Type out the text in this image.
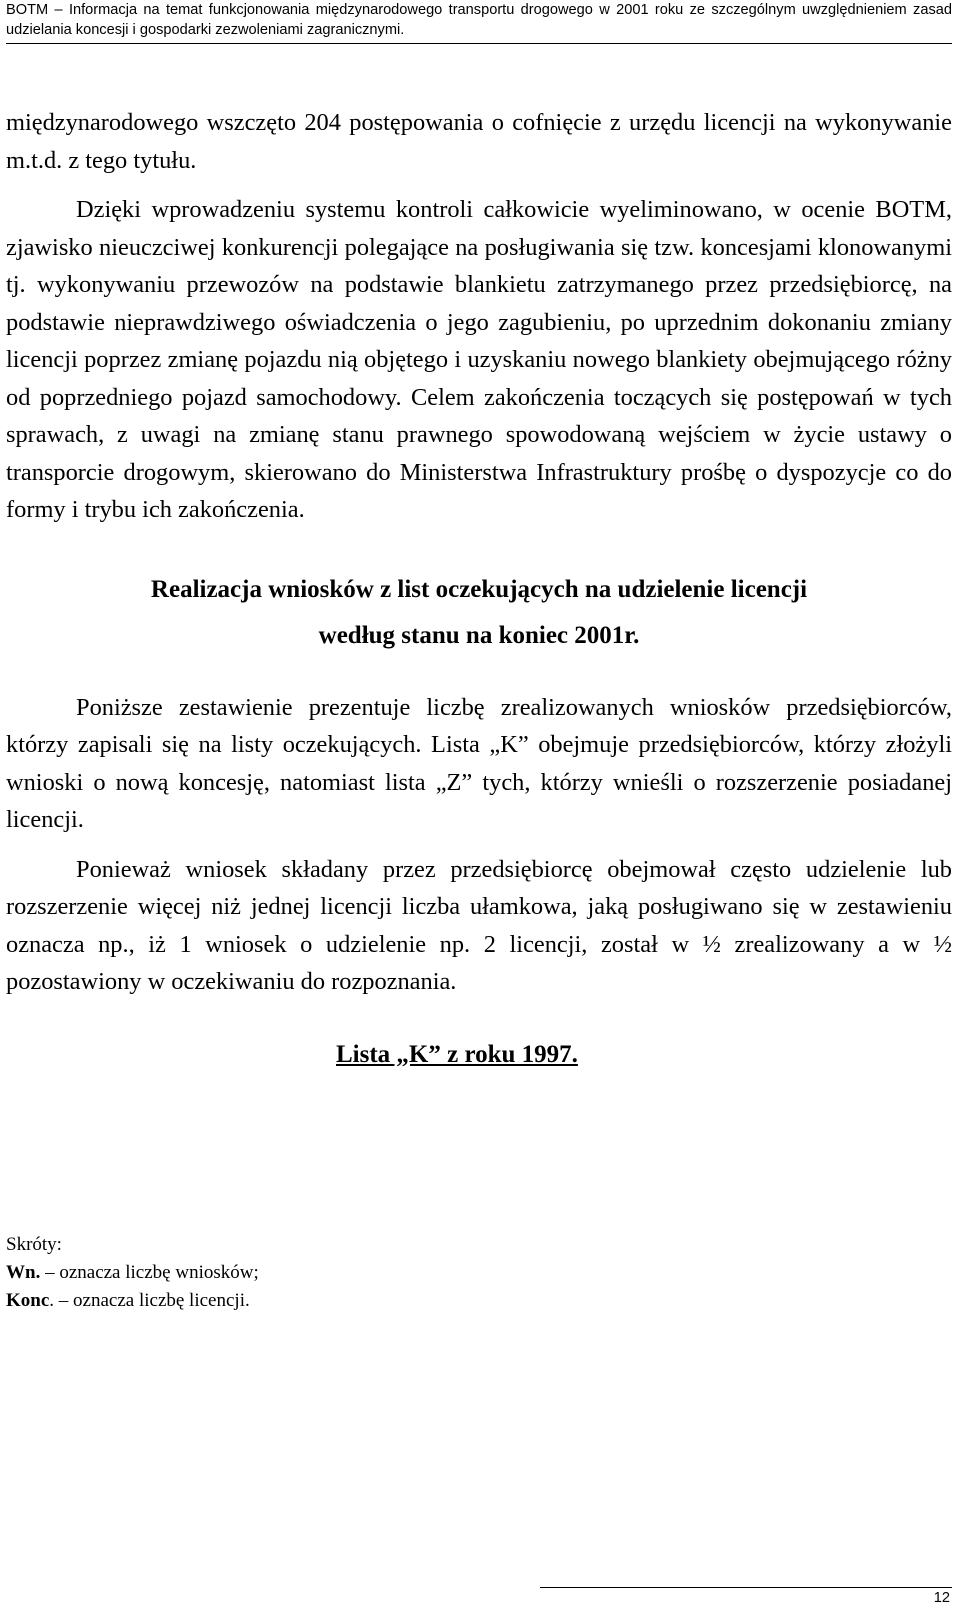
BOTM – Informacja na temat funkcjonowania międzynarodowego transportu drogowego w 2001 roku ze szczególnym uwzględnieniem zasad udzielania koncesji i gospodarki zezwoleniami zagranicznymi.

międzynarodowego wszczęto 204 postępowania o cofnięcie z urzędu licencji na wykonywanie m.t.d. z tego tytułu.

Dzięki wprowadzeniu systemu kontroli całkowicie wyeliminowano, w ocenie BOTM, zjawisko nieuczciwej konkurencji polegające na posługiwania się tzw. koncesjami klonowanymi tj. wykonywaniu przewozów na podstawie blankietu zatrzymanego przez przedsiębiorcę, na podstawie nieprawdziwego oświadczenia o jego zagubieniu, po uprzednim dokonaniu zmiany licencji poprzez zmianę pojazdu nią objętego i uzyskaniu nowego blankiety obejmującego różny od poprzedniego pojazd samochodowy. Celem zakończenia toczących się postępowań w tych sprawach, z uwagi na zmianę stanu prawnego spowodowaną wejściem w życie ustawy o transporcie drogowym, skierowano do Ministerstwa Infrastruktury prośbę o dyspozycje co do formy i trybu ich zakończenia.

Realizacja wniosków z list oczekujących na udzielenie licencji
według stanu na koniec 2001r.

Poniższe zestawienie prezentuje liczbę zrealizowanych wniosków przedsiębiorców, którzy zapisali się na listy oczekujących. Lista „K” obejmuje przedsiębiorców, którzy złożyli wnioski o nową koncesję, natomiast lista „Z” tych, którzy wnieśli o rozszerzenie posiadanej licencji.

Ponieważ wniosek składany przez przedsiębiorcę obejmował często udzielenie lub rozszerzenie więcej niż jednej licencji liczba ułamkowa, jaką posługiwano się w zestawieniu oznacza np., iż 1 wniosek o udzielenie np. 2 licencji, został w ½ zrealizowany a w ½ pozostawiony w oczekiwaniu do rozpoznania.

Lista „K” z roku 1997.
Skróty:
Wn. – oznacza liczbę wniosków;
Konc. – oznacza liczbę licencji.
12
